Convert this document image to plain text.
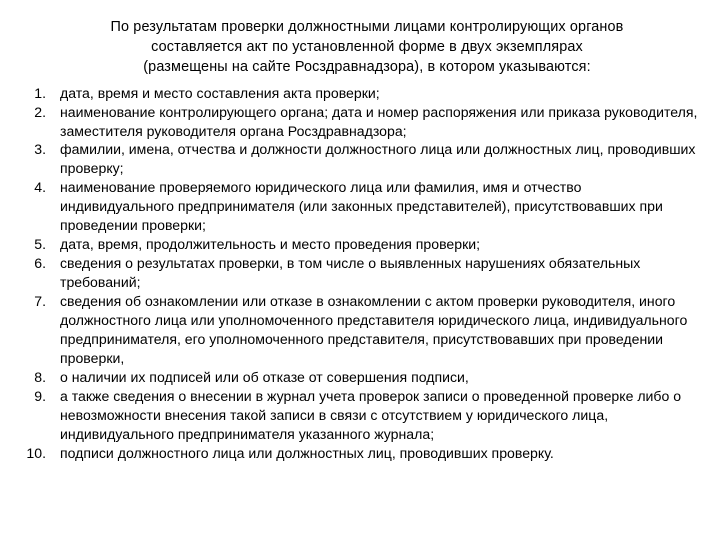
По результатам проверки должностными лицами контролирующих органов
составляется акт по установленной форме в двух экземплярах
(размещены на сайте Росздравнадзора), в котором указываются:
1. дата, время и место составления акта проверки;
2. наименование контролирующего органа; дата и номер распоряжения или приказа руководителя, заместителя руководителя органа Росздравнадзора;
3. фамилии, имена, отчества и должности должностного лица или должностных лиц, проводивших проверку;
4. наименование проверяемого юридического лица или фамилия, имя и отчество индивидуального предпринимателя (или законных представителей), присутствовавших при проведении проверки;
5. дата, время, продолжительность и место проведения проверки;
6. сведения о результатах проверки, в том числе о выявленных нарушениях обязательных требований;
7. сведения об ознакомлении или отказе в ознакомлении с актом проверки руководителя, иного должностного лица или уполномоченного представителя юридического лица, индивидуального предпринимателя, его уполномоченного представителя, присутствовавших при проведении проверки,
8. о наличии их подписей или об отказе от совершения подписи,
9. а также сведения о внесении в журнал учета проверок записи о проведенной проверке либо о невозможности внесения такой записи в связи с отсутствием у юридического лица, индивидуального предпринимателя указанного журнала;
10. подписи должностного лица или должностных лиц, проводивших проверку.
